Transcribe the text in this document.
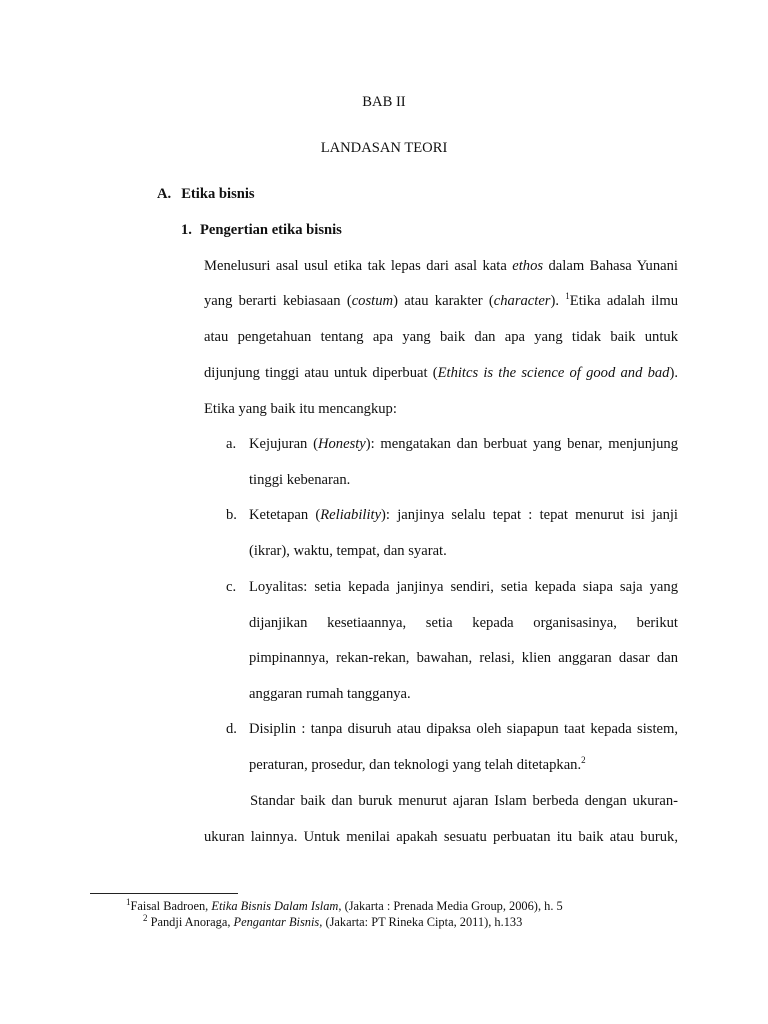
BAB II
LANDASAN TEORI
A. Etika bisnis
1. Pengertian etika bisnis
Menelusuri asal usul etika tak lepas dari asal kata ethos dalam Bahasa Yunani
yang berarti kebiasaan (costum) atau karakter (character). $^1$Etika adalah ilmu
atau pengetahuan tentang apa yang baik dan apa yang tidak baik untuk
dijunjung tinggi atau untuk diperbuat (Ethitcs is the science of good and bad).
Etika yang baik itu mencangkup:
a. Kejujuran (Honesty): mengatakan dan berbuat yang benar, menjunjung
tinggi kebenaran.
b. Ketetapan (Reliability): janjinya selalu tepat : tepat menurut isi janji
(ikrar), waktu, tempat, dan syarat.
c. Loyalitas: setia kepada janjinya sendiri, setia kepada siapa saja yang
dijanjikan kesetiaannya, setia kepada organisasinya, berikut
pimpinannya, rekan-rekan, bawahan, relasi, klien anggaran dasar dan
anggaran rumah tangganya.
d. Disiplin : tanpa disuruh atau dipaksa oleh siapapun taat kepada sistem,
peraturan, prosedur, dan teknologi yang telah ditetapkan.$^2$
Standar baik dan buruk menurut ajaran Islam berbeda dengan ukuran-
ukuran lainnya. Untuk menilai apakah sesuatu perbuatan itu baik atau buruk,
$^1$Faisal Badroen, Etika Bisnis Dalam Islam, (Jakarta : Prenada Media Group, 2006), h. 5
$^2$ Pandji Anoraga, Pengantar Bisnis, (Jakarta: PT Rineka Cipta, 2011), h.133
